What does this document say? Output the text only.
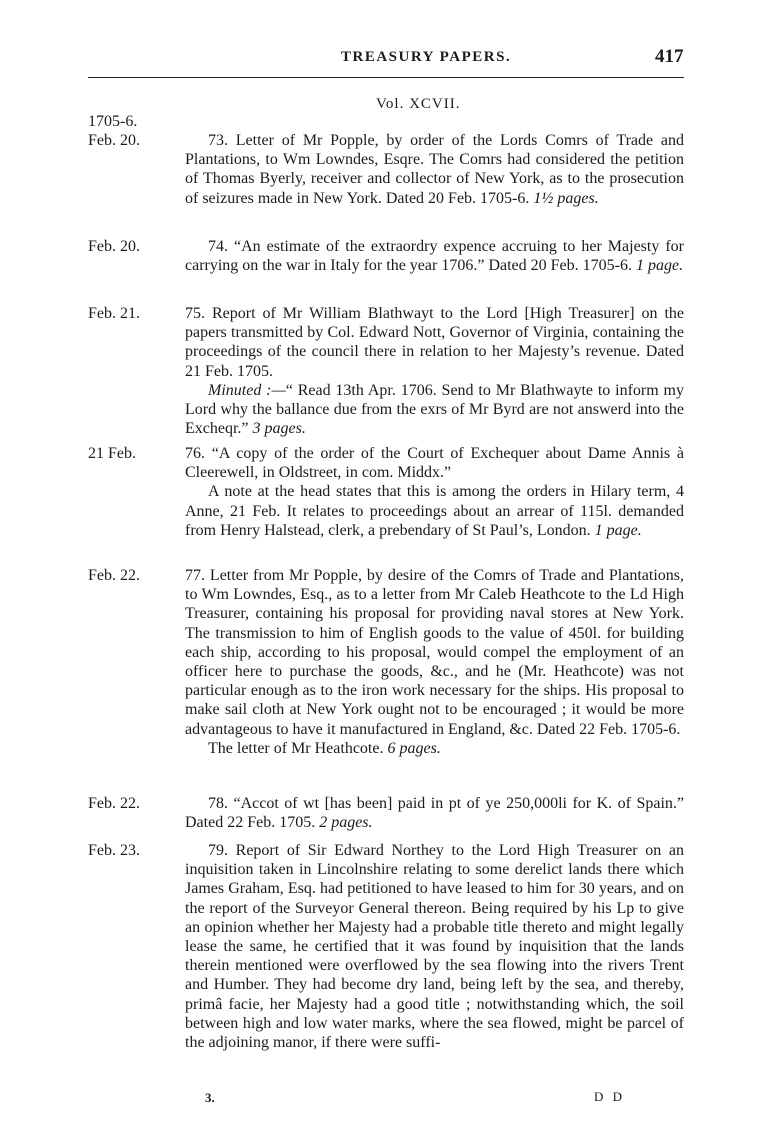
TREASURY PAPERS.	417
Vol. XCVII.
1705-6.
Feb. 20.	73. Letter of Mr Popple, by order of the Lords Comrs of Trade and Plantations, to Wm Lowndes, Esqre. The Comrs had considered the petition of Thomas Byerly, receiver and collector of New York, as to the prosecution of seizures made in New York. Dated 20 Feb. 1705-6. 1½ pages.
Feb. 20.	74. “An estimate of the extraordry expence accruing to her Majesty for carrying on the war in Italy for the year 1706.” Dated 20 Feb. 1705-6. 1 page.
Feb. 21.	75. Report of Mr William Blathwayt to the Lord [High Treasurer] on the papers transmitted by Col. Edward Nott, Governor of Virginia, containing the proceedings of the council there in relation to her Majesty’s revenue. Dated 21 Feb. 1705.

Minuted :—“ Read 13th Apr. 1706. Send to Mr Blathwayte to inform my Lord why the ballance due from the exrs of Mr Byrd are not answerd into the Excheqr.” 3 pages.

21 Feb.	76. “A copy of the order of the Court of Exchequer about Dame Annis à Cleerewell, in Oldstreet, in com. Middx.”

A note at the head states that this is among the orders in Hilary term, 4 Anne, 21 Feb. It relates to proceedings about an arrear of 115l. demanded from Henry Halstead, clerk, a prebendary of St Paul’s, London. 1 page.

Feb. 22.	77. Letter from Mr Popple, by desire of the Comrs of Trade and Plantations, to Wm Lowndes, Esq., as to a letter from Mr Caleb Heathcote to the Ld High Treasurer, containing his proposal for providing naval stores at New York. The transmission to him of English goods to the value of 450l. for building each ship, according to his proposal, would compel the employment of an officer here to purchase the goods, &c., and he (Mr. Heathcote) was not particular enough as to the iron work necessary for the ships. His proposal to make sail cloth at New York ought not to be encouraged ; it would be more advantageous to have it manufactured in England, &c. Dated 22 Feb. 1705-6.

The letter of Mr Heathcote. 6 pages.

Feb. 22.	78. “Accot of wt [has been] paid in pt of ye 250,000li for K. of Spain.” Dated 22 Feb. 1705. 2 pages.
Feb. 23.	79. Report of Sir Edward Northey to the Lord High Treasurer on an inquisition taken in Lincolnshire relating to some derelict lands there which James Graham, Esq. had petitioned to have leased to him for 30 years, and on the report of the Surveyor General thereon. Being required by his Lp to give an opinion whether her Majesty had a probable title thereto and might legally lease the same, he certified that it was found by inquisition that the lands therein mentioned were overflowed by the sea flowing into the rivers Trent and Humber. They had become dry land, being left by the sea, and thereby, primâ facie, her Majesty had a good title ; notwithstanding which, the soil between high and low water marks, where the sea flowed, might be parcel of the adjoining manor, if there were suffi-
3.	D D
